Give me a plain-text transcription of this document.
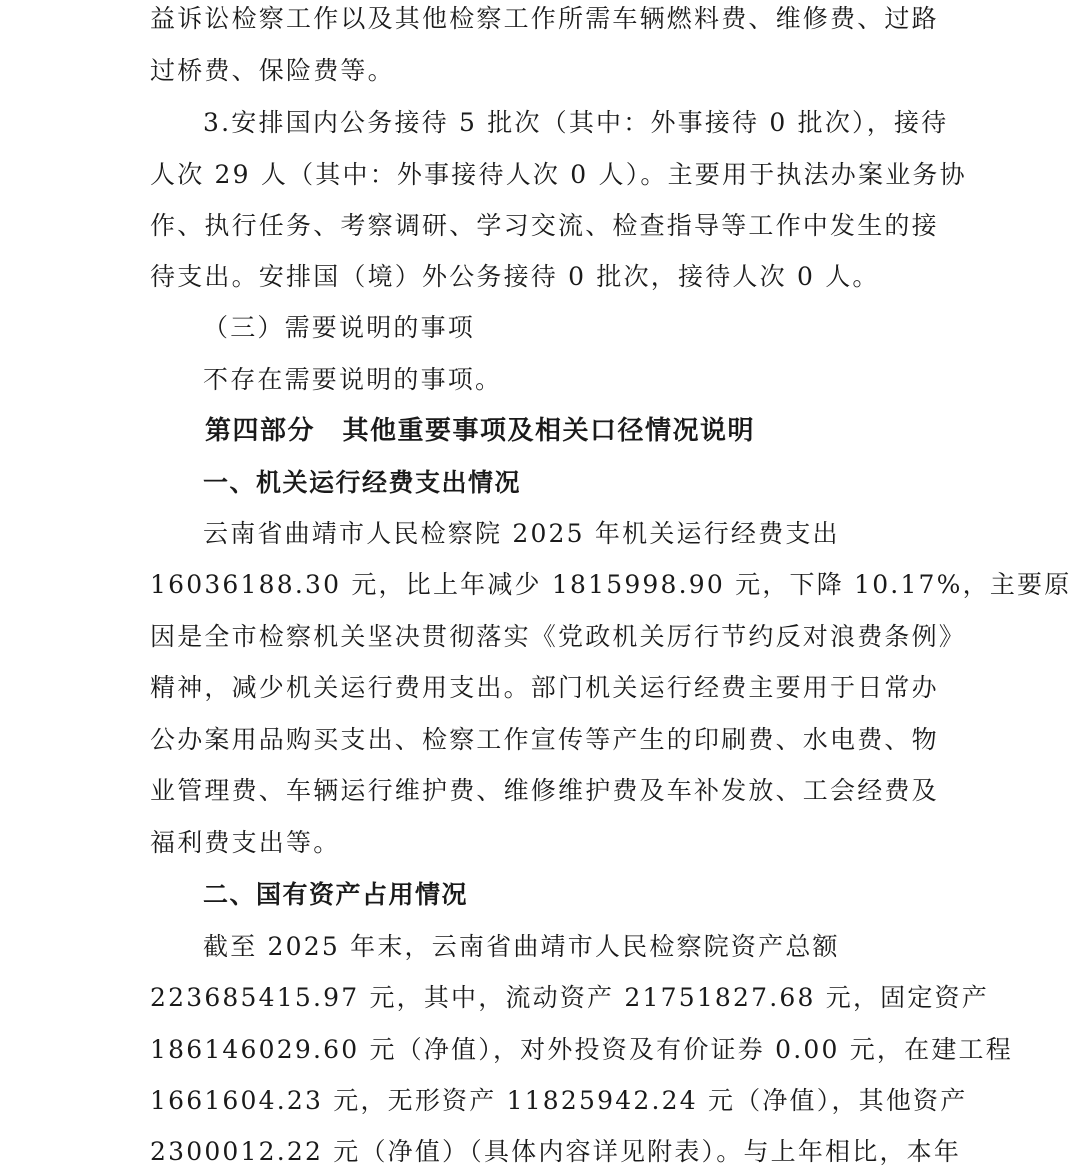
益诉讼检察工作以及其他检察工作所需车辆燃料费、维修费、过路
过桥费、保险费等。
3.安排国内公务接待 5 批次（其中：外事接待 0 批次），接待
人次 29 人（其中：外事接待人次 0 人）。主要用于执法办案业务协
作、执行任务、考察调研、学习交流、检查指导等工作中发生的接
待支出。安排国（境）外公务接待 0 批次，接待人次 0 人。
（三）需要说明的事项
不存在需要说明的事项。
第四部分　其他重要事项及相关口径情况说明
一、机关运行经费支出情况
云南省曲靖市人民检察院 2025 年机关运行经费支出
16036188.30 元，比上年减少 1815998.90 元，下降 10.17%，主要原
因是全市检察机关坚决贯彻落实《党政机关厉行节约反对浪费条例》
精神，减少机关运行费用支出。部门机关运行经费主要用于日常办
公办案用品购买支出、检察工作宣传等产生的印刷费、水电费、物
业管理费、车辆运行维护费、维修维护费及车补发放、工会经费及
福利费支出等。
二、国有资产占用情况
截至 2025 年末，云南省曲靖市人民检察院资产总额
223685415.97 元，其中，流动资产 21751827.68 元，固定资产
186146029.60 元（净值），对外投资及有价证券 0.00 元，在建工程
1661604.23 元，无形资产 11825942.24 元（净值），其他资产
2300012.22 元（净值）（具体内容详见附表）。与上年相比，本年
